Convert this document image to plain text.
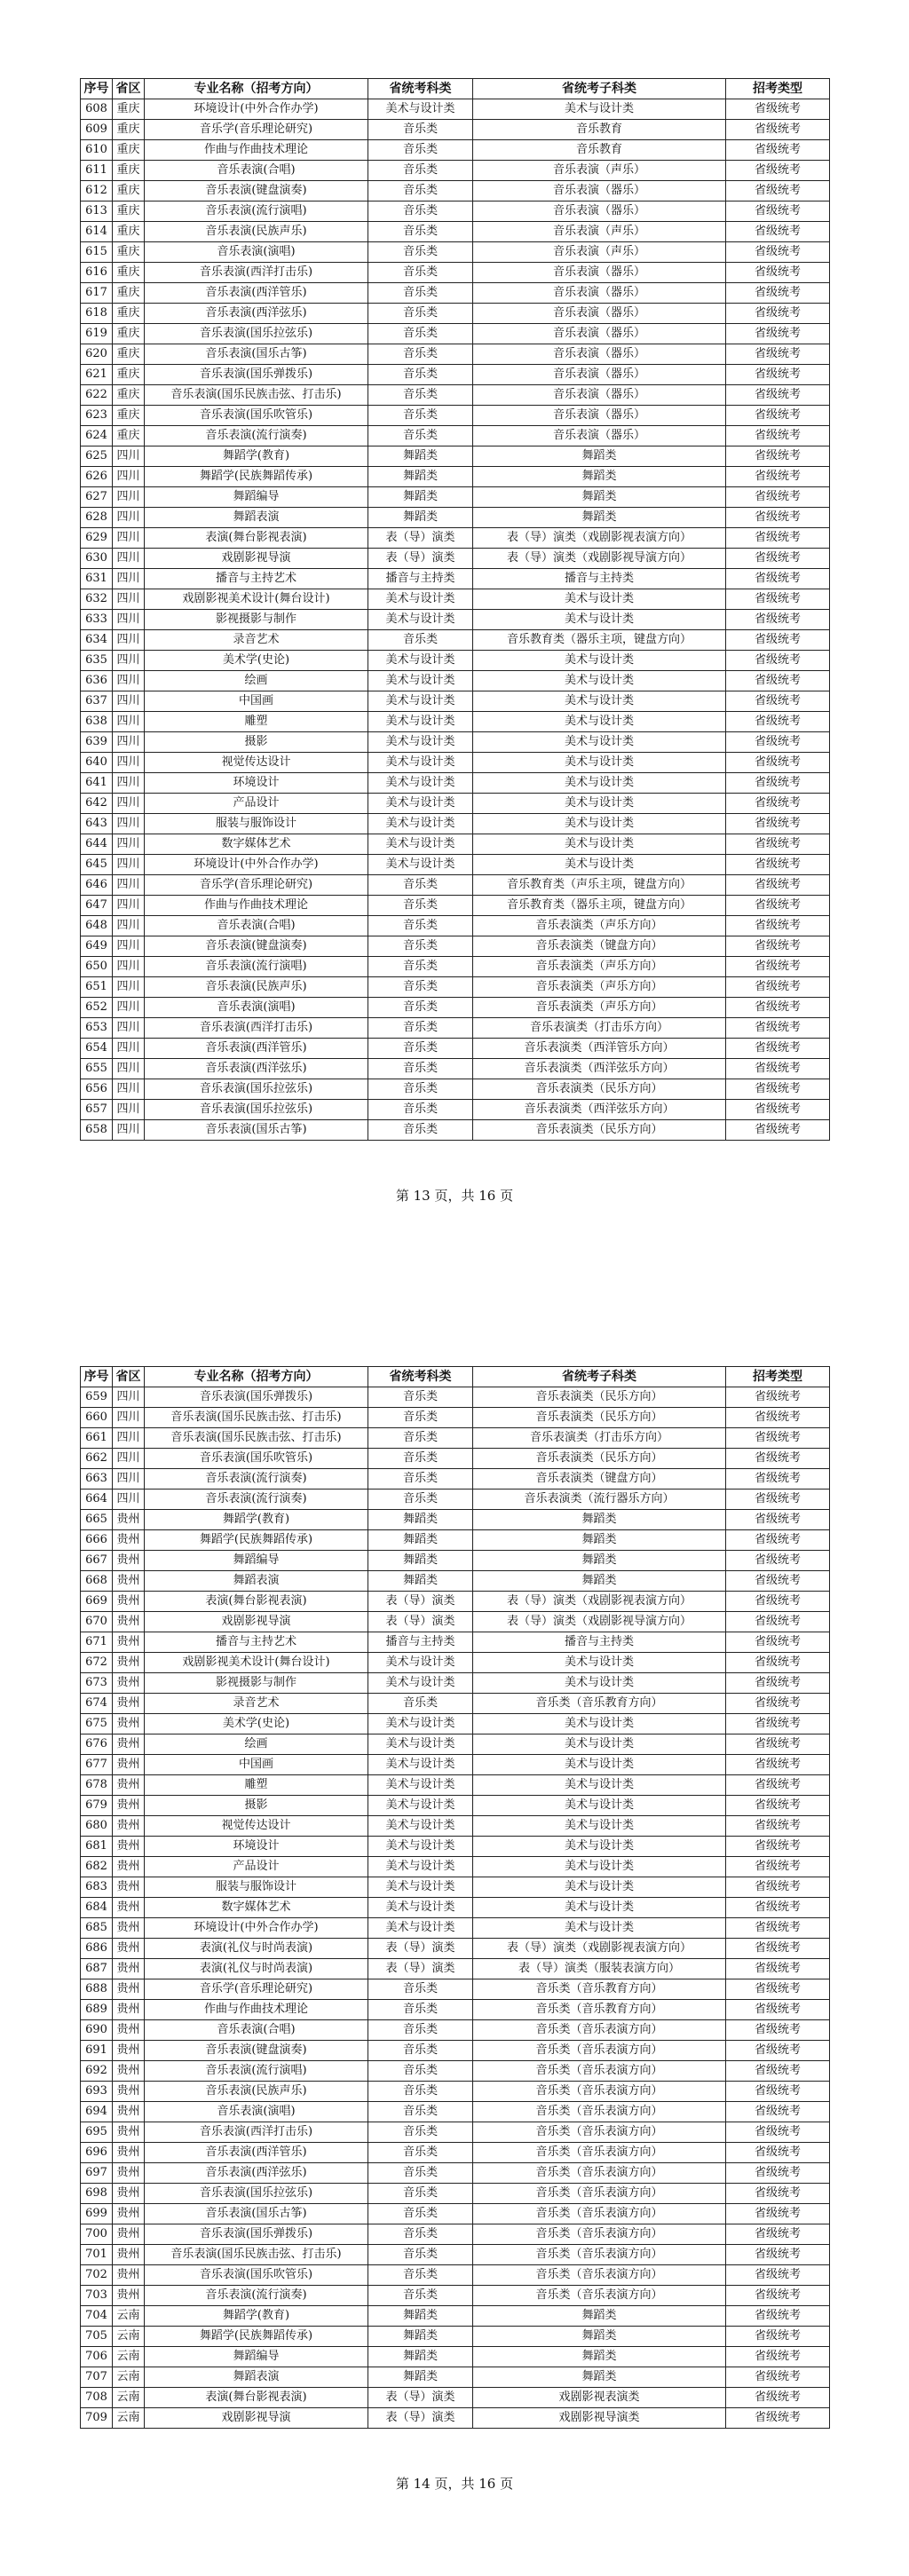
序号	省区	专业名称（招考方向）	省统考科类	省统考子科类	招考类型
608	重庆	环境设计(中外合作办学)	美术与设计类	美术与设计类	省级统考
609	重庆	音乐学(音乐理论研究)	音乐类	音乐教育	省级统考
610	重庆	作曲与作曲技术理论	音乐类	音乐教育	省级统考
611	重庆	音乐表演(合唱)	音乐类	音乐表演（声乐）	省级统考
612	重庆	音乐表演(键盘演奏)	音乐类	音乐表演（器乐）	省级统考
613	重庆	音乐表演(流行演唱)	音乐类	音乐表演（器乐）	省级统考
614	重庆	音乐表演(民族声乐)	音乐类	音乐表演（声乐）	省级统考
615	重庆	音乐表演(演唱)	音乐类	音乐表演（声乐）	省级统考
616	重庆	音乐表演(西洋打击乐)	音乐类	音乐表演（器乐）	省级统考
617	重庆	音乐表演(西洋管乐)	音乐类	音乐表演（器乐）	省级统考
618	重庆	音乐表演(西洋弦乐)	音乐类	音乐表演（器乐）	省级统考
619	重庆	音乐表演(国乐拉弦乐)	音乐类	音乐表演（器乐）	省级统考
620	重庆	音乐表演(国乐古筝)	音乐类	音乐表演（器乐）	省级统考
621	重庆	音乐表演(国乐弹拨乐)	音乐类	音乐表演（器乐）	省级统考
622	重庆	音乐表演(国乐民族击弦、打击乐)	音乐类	音乐表演（器乐）	省级统考
623	重庆	音乐表演(国乐吹管乐)	音乐类	音乐表演（器乐）	省级统考
624	重庆	音乐表演(流行演奏)	音乐类	音乐表演（器乐）	省级统考
625	四川	舞蹈学(教育)	舞蹈类	舞蹈类	省级统考
626	四川	舞蹈学(民族舞蹈传承)	舞蹈类	舞蹈类	省级统考
627	四川	舞蹈编导	舞蹈类	舞蹈类	省级统考
628	四川	舞蹈表演	舞蹈类	舞蹈类	省级统考
629	四川	表演(舞台影视表演)	表（导）演类	表（导）演类（戏剧影视表演方向）	省级统考
630	四川	戏剧影视导演	表（导）演类	表（导）演类（戏剧影视导演方向）	省级统考
631	四川	播音与主持艺术	播音与主持类	播音与主持类	省级统考
632	四川	戏剧影视美术设计(舞台设计)	美术与设计类	美术与设计类	省级统考
633	四川	影视摄影与制作	美术与设计类	美术与设计类	省级统考
634	四川	录音艺术	音乐类	音乐教育类（器乐主项，键盘方向）	省级统考
635	四川	美术学(史论)	美术与设计类	美术与设计类	省级统考
636	四川	绘画	美术与设计类	美术与设计类	省级统考
637	四川	中国画	美术与设计类	美术与设计类	省级统考
638	四川	雕塑	美术与设计类	美术与设计类	省级统考
639	四川	摄影	美术与设计类	美术与设计类	省级统考
640	四川	视觉传达设计	美术与设计类	美术与设计类	省级统考
641	四川	环境设计	美术与设计类	美术与设计类	省级统考
642	四川	产品设计	美术与设计类	美术与设计类	省级统考
643	四川	服装与服饰设计	美术与设计类	美术与设计类	省级统考
644	四川	数字媒体艺术	美术与设计类	美术与设计类	省级统考
645	四川	环境设计(中外合作办学)	美术与设计类	美术与设计类	省级统考
646	四川	音乐学(音乐理论研究)	音乐类	音乐教育类（声乐主项，键盘方向）	省级统考
647	四川	作曲与作曲技术理论	音乐类	音乐教育类（器乐主项，键盘方向）	省级统考
648	四川	音乐表演(合唱)	音乐类	音乐表演类（声乐方向）	省级统考
649	四川	音乐表演(键盘演奏)	音乐类	音乐表演类（键盘方向）	省级统考
650	四川	音乐表演(流行演唱)	音乐类	音乐表演类（声乐方向）	省级统考
651	四川	音乐表演(民族声乐)	音乐类	音乐表演类（声乐方向）	省级统考
652	四川	音乐表演(演唱)	音乐类	音乐表演类（声乐方向）	省级统考
653	四川	音乐表演(西洋打击乐)	音乐类	音乐表演类（打击乐方向）	省级统考
654	四川	音乐表演(西洋管乐)	音乐类	音乐表演类（西洋管乐方向）	省级统考
655	四川	音乐表演(西洋弦乐)	音乐类	音乐表演类（西洋弦乐方向）	省级统考
656	四川	音乐表演(国乐拉弦乐)	音乐类	音乐表演类（民乐方向）	省级统考
657	四川	音乐表演(国乐拉弦乐)	音乐类	音乐表演类（西洋弦乐方向）	省级统考
658	四川	音乐表演(国乐古筝)	音乐类	音乐表演类（民乐方向）	省级统考
第 13 页，共 16 页
序号	省区	专业名称（招考方向）	省统考科类	省统考子科类	招考类型
659	四川	音乐表演(国乐弹拨乐)	音乐类	音乐表演类（民乐方向）	省级统考
660	四川	音乐表演(国乐民族击弦、打击乐)	音乐类	音乐表演类（民乐方向）	省级统考
661	四川	音乐表演(国乐民族击弦、打击乐)	音乐类	音乐表演类（打击乐方向）	省级统考
662	四川	音乐表演(国乐吹管乐)	音乐类	音乐表演类（民乐方向）	省级统考
663	四川	音乐表演(流行演奏)	音乐类	音乐表演类（键盘方向）	省级统考
664	四川	音乐表演(流行演奏)	音乐类	音乐表演类（流行器乐方向）	省级统考
665	贵州	舞蹈学(教育)	舞蹈类	舞蹈类	省级统考
666	贵州	舞蹈学(民族舞蹈传承)	舞蹈类	舞蹈类	省级统考
667	贵州	舞蹈编导	舞蹈类	舞蹈类	省级统考
668	贵州	舞蹈表演	舞蹈类	舞蹈类	省级统考
669	贵州	表演(舞台影视表演)	表（导）演类	表（导）演类（戏剧影视表演方向）	省级统考
670	贵州	戏剧影视导演	表（导）演类	表（导）演类（戏剧影视导演方向）	省级统考
671	贵州	播音与主持艺术	播音与主持类	播音与主持类	省级统考
672	贵州	戏剧影视美术设计(舞台设计)	美术与设计类	美术与设计类	省级统考
673	贵州	影视摄影与制作	美术与设计类	美术与设计类	省级统考
674	贵州	录音艺术	音乐类	音乐类（音乐教育方向）	省级统考
675	贵州	美术学(史论)	美术与设计类	美术与设计类	省级统考
676	贵州	绘画	美术与设计类	美术与设计类	省级统考
677	贵州	中国画	美术与设计类	美术与设计类	省级统考
678	贵州	雕塑	美术与设计类	美术与设计类	省级统考
679	贵州	摄影	美术与设计类	美术与设计类	省级统考
680	贵州	视觉传达设计	美术与设计类	美术与设计类	省级统考
681	贵州	环境设计	美术与设计类	美术与设计类	省级统考
682	贵州	产品设计	美术与设计类	美术与设计类	省级统考
683	贵州	服装与服饰设计	美术与设计类	美术与设计类	省级统考
684	贵州	数字媒体艺术	美术与设计类	美术与设计类	省级统考
685	贵州	环境设计(中外合作办学)	美术与设计类	美术与设计类	省级统考
686	贵州	表演(礼仪与时尚表演)	表（导）演类	表（导）演类（戏剧影视表演方向）	省级统考
687	贵州	表演(礼仪与时尚表演)	表（导）演类	表（导）演类（服装表演方向）	省级统考
688	贵州	音乐学(音乐理论研究)	音乐类	音乐类（音乐教育方向）	省级统考
689	贵州	作曲与作曲技术理论	音乐类	音乐类（音乐教育方向）	省级统考
690	贵州	音乐表演(合唱)	音乐类	音乐类（音乐表演方向）	省级统考
691	贵州	音乐表演(键盘演奏)	音乐类	音乐类（音乐表演方向）	省级统考
692	贵州	音乐表演(流行演唱)	音乐类	音乐类（音乐表演方向）	省级统考
693	贵州	音乐表演(民族声乐)	音乐类	音乐类（音乐表演方向）	省级统考
694	贵州	音乐表演(演唱)	音乐类	音乐类（音乐表演方向）	省级统考
695	贵州	音乐表演(西洋打击乐)	音乐类	音乐类（音乐表演方向）	省级统考
696	贵州	音乐表演(西洋管乐)	音乐类	音乐类（音乐表演方向）	省级统考
697	贵州	音乐表演(西洋弦乐)	音乐类	音乐类（音乐表演方向）	省级统考
698	贵州	音乐表演(国乐拉弦乐)	音乐类	音乐类（音乐表演方向）	省级统考
699	贵州	音乐表演(国乐古筝)	音乐类	音乐类（音乐表演方向）	省级统考
700	贵州	音乐表演(国乐弹拨乐)	音乐类	音乐类（音乐表演方向）	省级统考
701	贵州	音乐表演(国乐民族击弦、打击乐)	音乐类	音乐类（音乐表演方向）	省级统考
702	贵州	音乐表演(国乐吹管乐)	音乐类	音乐类（音乐表演方向）	省级统考
703	贵州	音乐表演(流行演奏)	音乐类	音乐类（音乐表演方向）	省级统考
704	云南	舞蹈学(教育)	舞蹈类	舞蹈类	省级统考
705	云南	舞蹈学(民族舞蹈传承)	舞蹈类	舞蹈类	省级统考
706	云南	舞蹈编导	舞蹈类	舞蹈类	省级统考
707	云南	舞蹈表演	舞蹈类	舞蹈类	省级统考
708	云南	表演(舞台影视表演)	表（导）演类	戏剧影视表演类	省级统考
709	云南	戏剧影视导演	表（导）演类	戏剧影视导演类	省级统考
第 14 页，共 16 页
